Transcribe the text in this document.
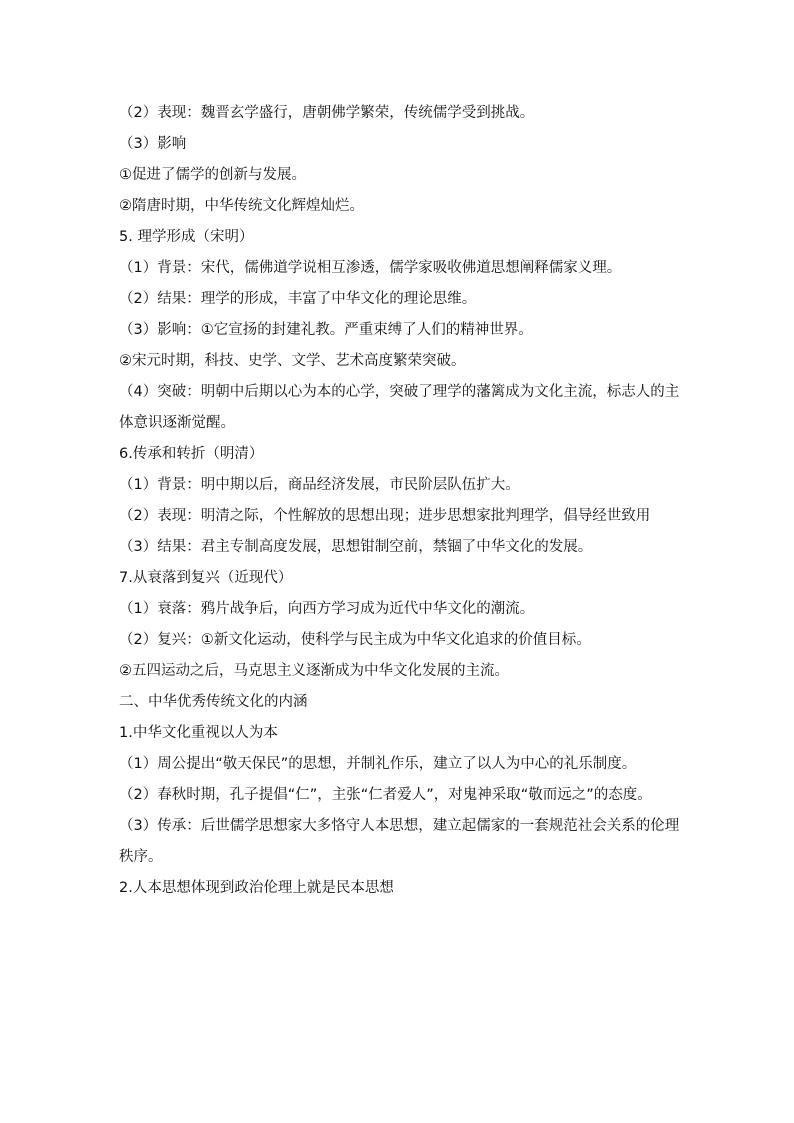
（2）表现：魏晋玄学盛行，唐朝佛学繁荣，传统儒学受到挑战。

（3）影响

①促进了儒学的创新与发展。

②隋唐时期，中华传统文化辉煌灿烂。

5. 理学形成（宋明）

（1）背景：宋代，儒佛道学说相互渗透，儒学家吸收佛道思想阐释儒家义理。

（2）结果：理学的形成，丰富了中华文化的理论思维。

（3）影响：①它宣扬的封建礼教。严重束缚了人们的精神世界。

②宋元时期，科技、史学、文学、艺术高度繁荣突破。

（4）突破：明朝中后期以心为本的心学，突破了理学的藩篱成为文化主流，标志人的主体意识逐渐觉醒。

6.传承和转折（明清）

（1）背景：明中期以后，商品经济发展，市民阶层队伍扩大。

（2）表现：明清之际，个性解放的思想出现；进步思想家批判理学，倡导经世致用

（3）结果：君主专制高度发展，思想钳制空前，禁锢了中华文化的发展。

7.从衰落到复兴（近现代）

（1）衰落：鸦片战争后，向西方学习成为近代中华文化的潮流。

（2）复兴：①新文化运动，使科学与民主成为中华文化追求的价值目标。

②五四运动之后，马克思主义逐渐成为中华文化发展的主流。

二、中华优秀传统文化的内涵

1.中华文化重视以人为本

（1）周公提出“敬天保民”的思想，并制礼作乐，建立了以人为中心的礼乐制度。

（2）春秋时期，孔子提倡“仁”，主张“仁者爱人”，对鬼神采取“敬而远之”的态度。

（3）传承：后世儒学思想家大多恪守人本思想，建立起儒家的一套规范社会关系的伦理秩序。

2.人本思想体现到政治伦理上就是民本思想
